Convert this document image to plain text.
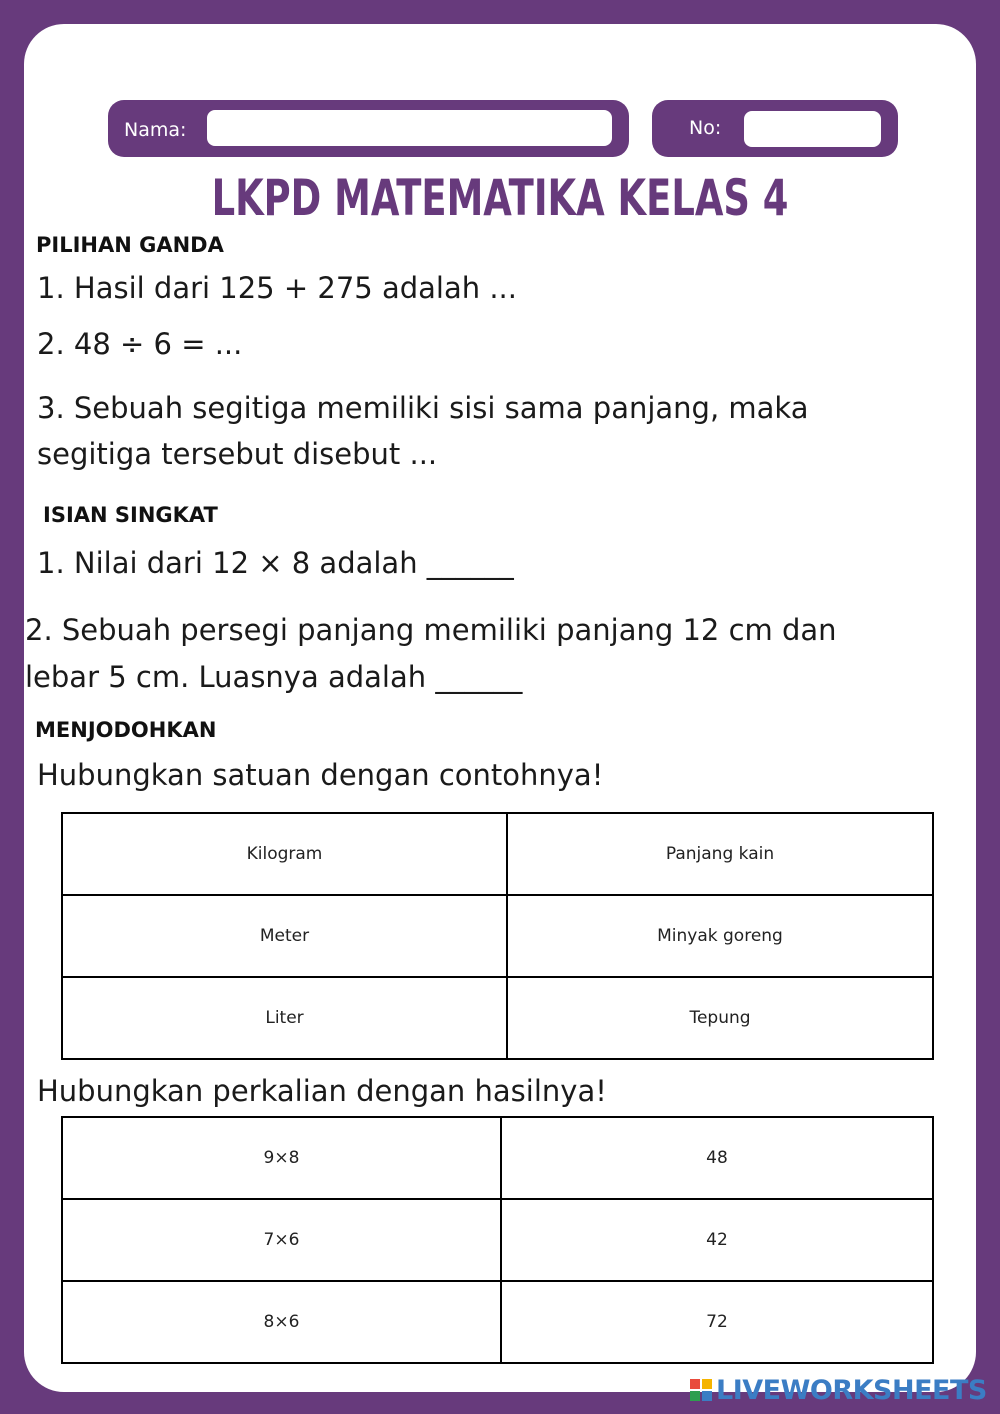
Nama:	No:
LKPD MATEMATIKA KELAS 4
PILIHAN GANDA
1. Hasil dari 125 + 275 adalah ...
2. 48 ÷ 6 = ...
3. Sebuah segitiga memiliki sisi sama panjang, maka
segitiga tersebut disebut ...
ISIAN SINGKAT
1. Nilai dari 12 × 8 adalah ______
2. Sebuah persegi panjang memiliki panjang 12 cm dan
lebar 5 cm. Luasnya adalah ______
MENJODOHKAN
Hubungkan satuan dengan contohnya!
Kilogram	Panjang kain
Meter	Minyak goreng
Liter	Tepung
Hubungkan perkalian dengan hasilnya!
9×8	48
7×6	42
8×6	72
LIVEWORKSHEETS
